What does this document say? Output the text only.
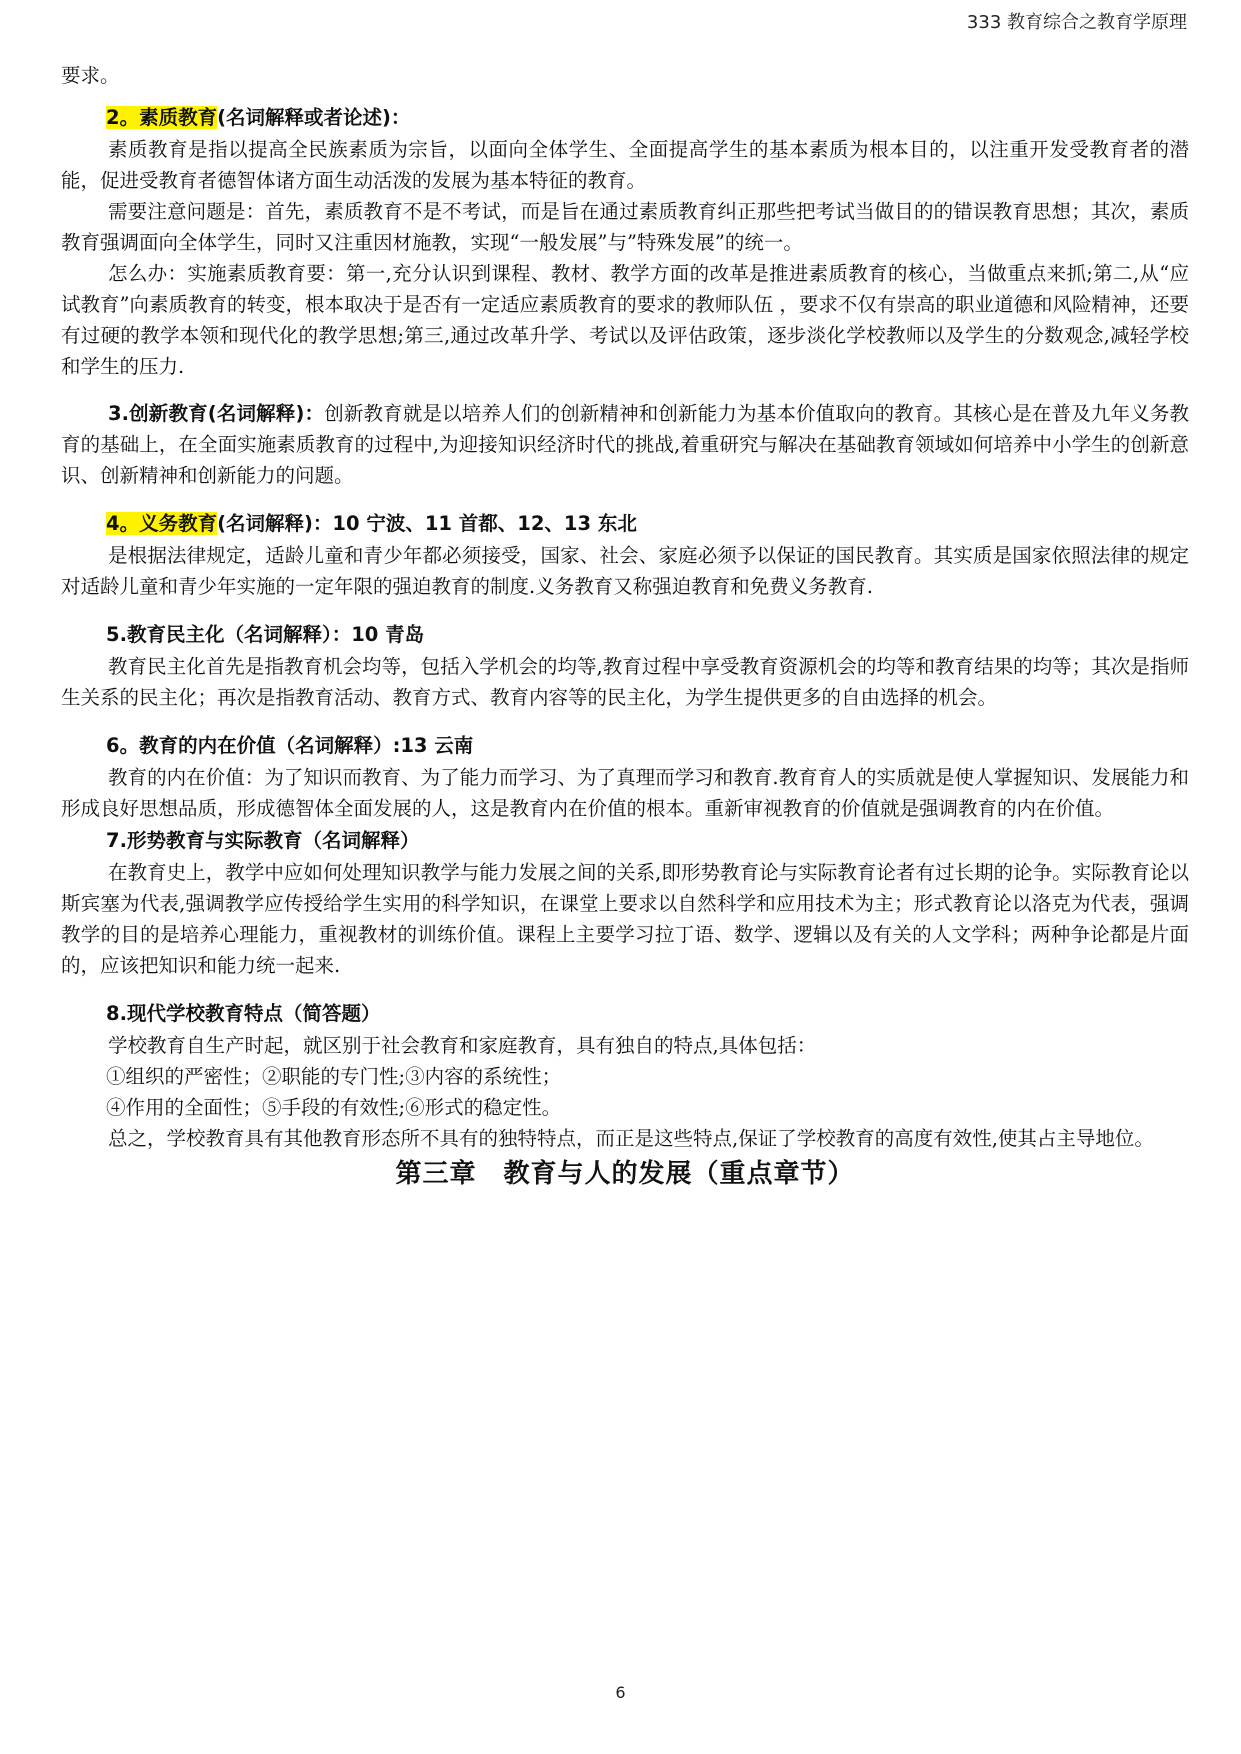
333 教育综合之教育学原理

要求。

2。素质教育(名词解释或者论述)：

素质教育是指以提高全民族素质为宗旨，以面向全体学生、全面提高学生的基本素质为根本目的，以注重开发受教育者的潜能，促进受教育者德智体诸方面生动活泼的发展为基本特征的教育。

需要注意问题是：首先，素质教育不是不考试，而是旨在通过素质教育纠正那些把考试当做目的的错误教育思想；其次，素质教育强调面向全体学生，同时又注重因材施教，实现“一般发展”与”特殊发展”的统一。

怎么办：实施素质教育要：第一,充分认识到课程、教材、教学方面的改革是推进素质教育的核心，当做重点来抓;第二,从“应试教育”向素质教育的转变，根本取决于是否有一定适应素质教育的要求的教师队伍 ，要求不仅有崇高的职业道德和风险精神，还要有过硬的教学本领和现代化的教学思想;第三,通过改革升学、考试以及评估政策，逐步淡化学校教师以及学生的分数观念,减轻学校和学生的压力.

3.创新教育(名词解释)：创新教育就是以培养人们的创新精神和创新能力为基本价值取向的教育。其核心是在普及九年义务教育的基础上，在全面实施素质教育的过程中,为迎接知识经济时代的挑战,着重研究与解决在基础教育领域如何培养中小学生的创新意识、创新精神和创新能力的问题。

4。义务教育(名词解释)：10 宁波、11 首都、12、13 东北

是根据法律规定，适龄儿童和青少年都必须接受，国家、社会、家庭必须予以保证的国民教育。其实质是国家依照法律的规定对适龄儿童和青少年实施的一定年限的强迫教育的制度.义务教育又称强迫教育和免费义务教育.

5.教育民主化（名词解释）：10 青岛

教育民主化首先是指教育机会均等，包括入学机会的均等,教育过程中享受教育资源机会的均等和教育结果的均等；其次是指师生关系的民主化；再次是指教育活动、教育方式、教育内容等的民主化，为学生提供更多的自由选择的机会。

6。教育的内在价值（名词解释）:13 云南

教育的内在价值：为了知识而教育、为了能力而学习、为了真理而学习和教育.教育育人的实质就是使人掌握知识、发展能力和形成良好思想品质，形成德智体全面发展的人，这是教育内在价值的根本。重新审视教育的价值就是强调教育的内在价值。

7.形势教育与实际教育（名词解释）

在教育史上，教学中应如何处理知识教学与能力发展之间的关系,即形势教育论与实际教育论者有过长期的论争。实际教育论以斯宾塞为代表,强调教学应传授给学生实用的科学知识，在课堂上要求以自然科学和应用技术为主；形式教育论以洛克为代表，强调教学的目的是培养心理能力，重视教材的训练价值。课程上主要学习拉丁语、数学、逻辑以及有关的人文学科；两种争论都是片面的，应该把知识和能力统一起来.

8.现代学校教育特点（简答题）

学校教育自生产时起，就区别于社会教育和家庭教育，具有独自的特点,具体包括：

①组织的严密性；②职能的专门性;③内容的系统性；

④作用的全面性；⑤手段的有效性;⑥形式的稳定性。

总之，学校教育具有其他教育形态所不具有的独特特点，而正是这些特点,保证了学校教育的高度有效性,使其占主导地位。

第三章　教育与人的发展（重点章节）

6
